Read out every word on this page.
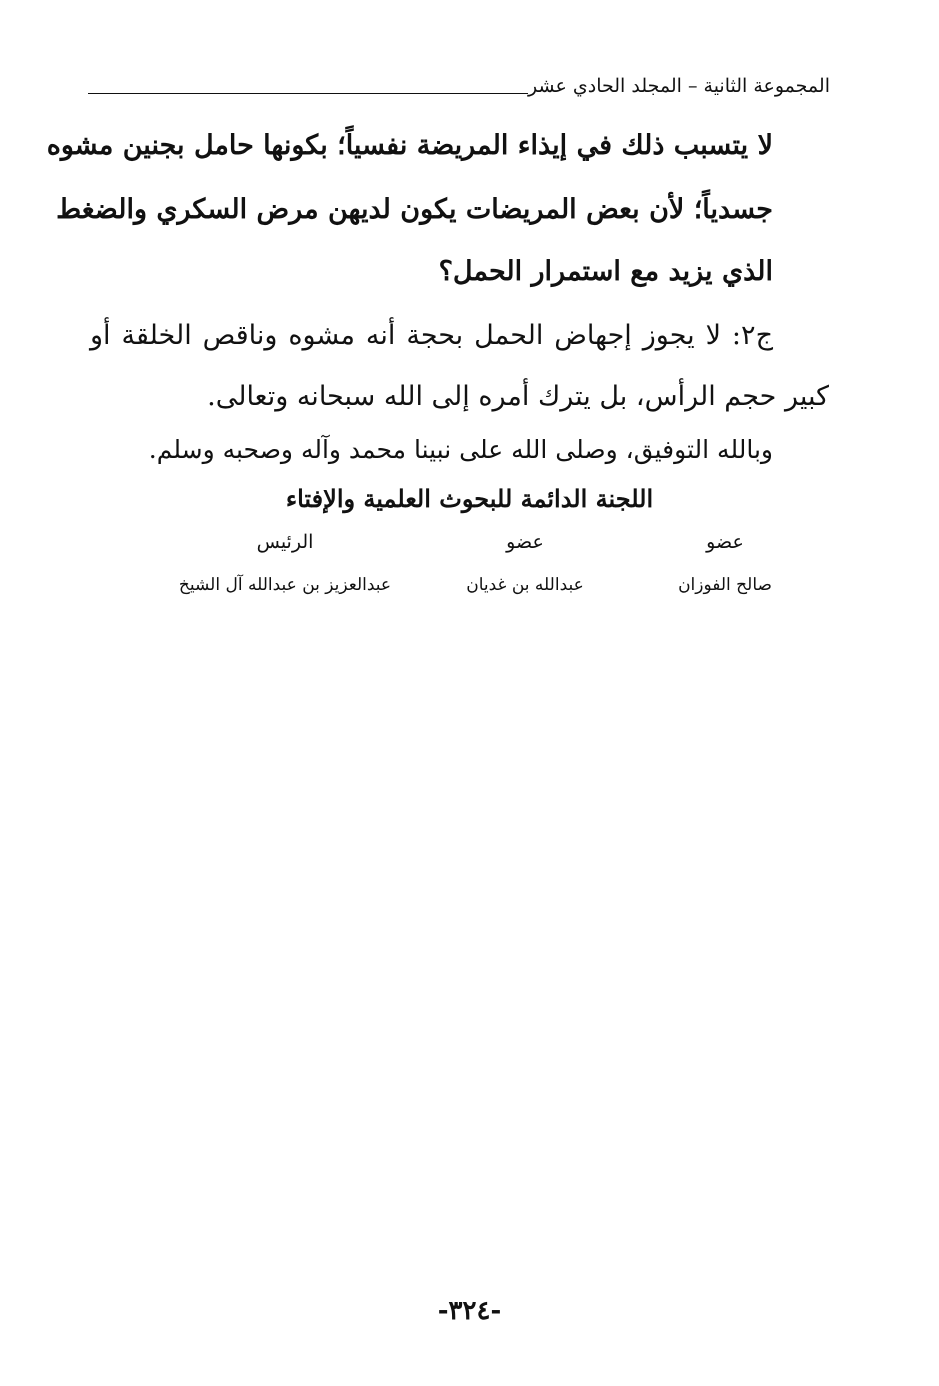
المجموعة الثانية – المجلد الحادي عشر
لا يتسبب ذلك في إيذاء المريضة نفسياً؛ بكونها حامل بجنين مشوه
جسدياً؛ لأن بعض المريضات يكون لديهن مرض السكري والضغط
الذي يزيد مع استمرار الحمل؟
ج٢: لا يجوز إجهاض الحمل بحجة أنه مشوه وناقص الخلقة أو
كبير حجم الرأس، بل يترك أمره إلى الله سبحانه وتعالى.
وبالله التوفيق، وصلى الله على نبينا محمد وآله وصحبه وسلم.
اللجنة الدائمة للبحوث العلمية والإفتاء
عضو
صالح الفوزان
عضو
عبدالله بن غديان
الرئيس
عبدالعزيز بن عبدالله آل الشيخ
-٣٢٤-
